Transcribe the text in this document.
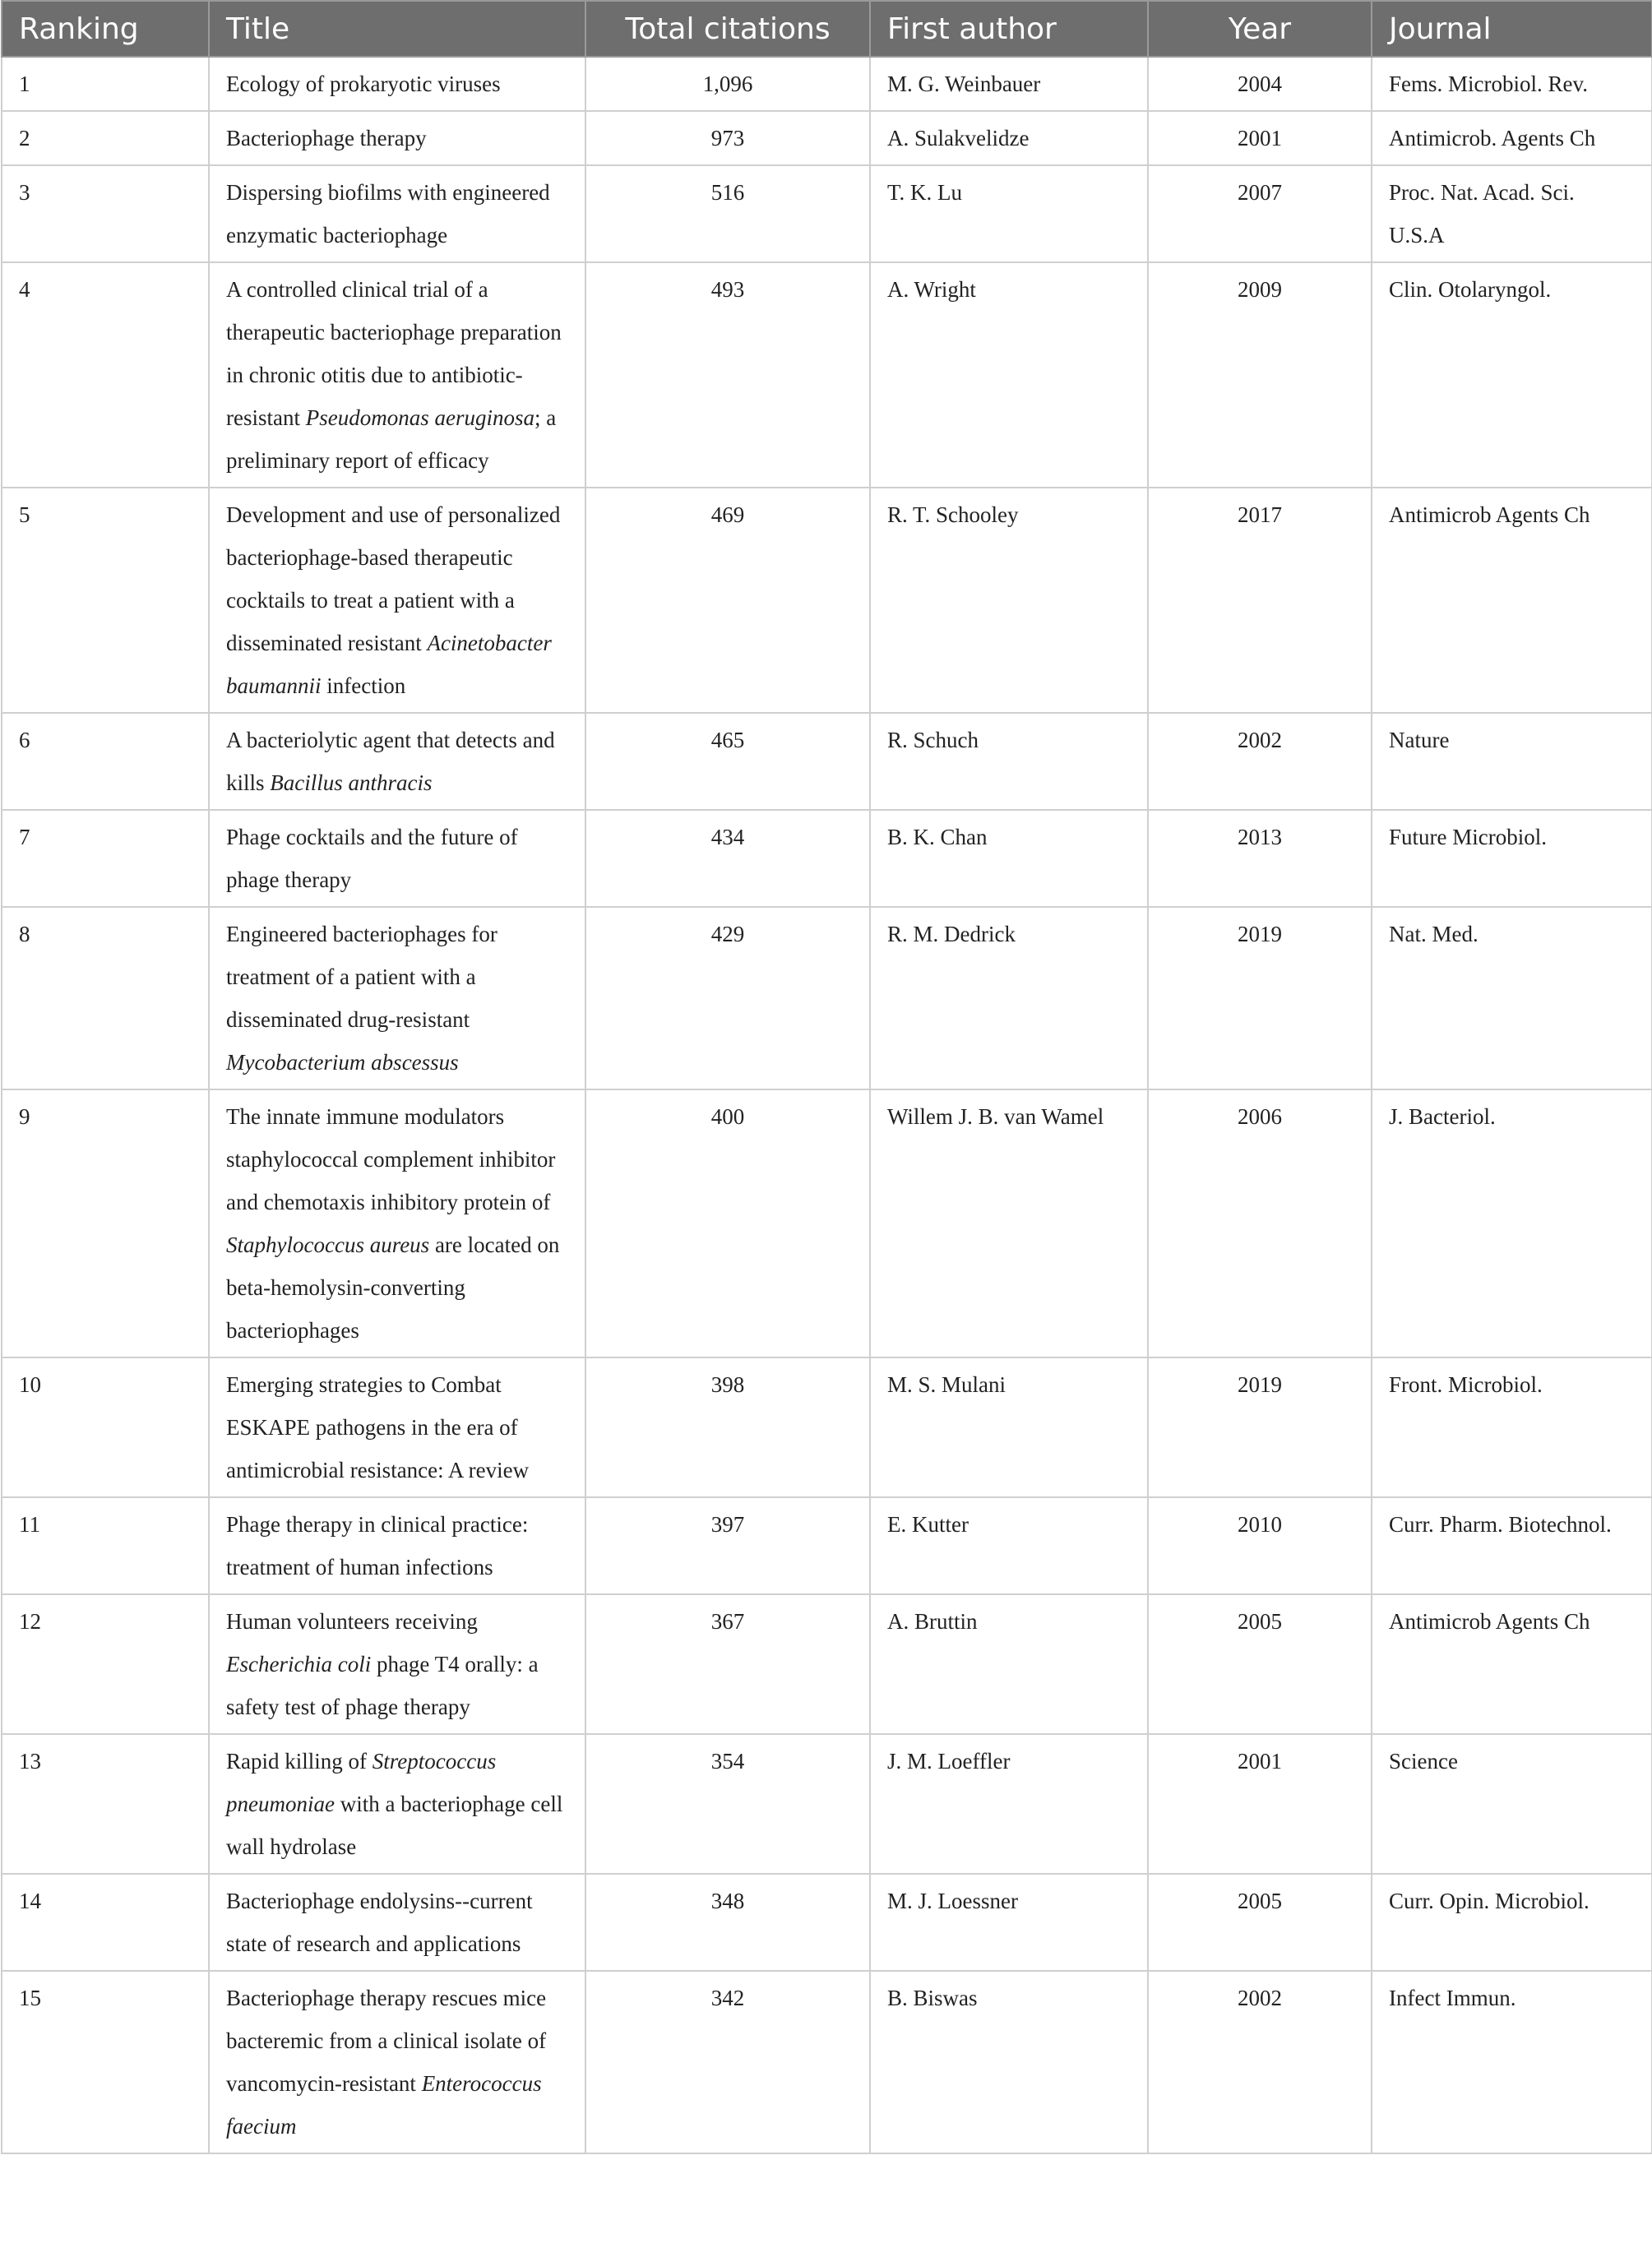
Ranking	Title	Total citations	First author	Year	Journal
1	Ecology of prokaryotic viruses	1,096	M. G. Weinbauer	2004	Fems. Microbiol. Rev.
2	Bacteriophage therapy	973	A. Sulakvelidze	2001	Antimicrob. Agents Ch
3	Dispersing biofilms with engineered enzymatic bacteriophage	516	T. K. Lu	2007	Proc. Nat. Acad. Sci. U.S.A
4	A controlled clinical trial of a therapeutic bacteriophage preparation in chronic otitis due to antibiotic-resistant Pseudomonas aeruginosa; a preliminary report of efficacy	493	A. Wright	2009	Clin. Otolaryngol.
5	Development and use of personalized bacteriophage-based therapeutic cocktails to treat a patient with a disseminated resistant Acinetobacter baumannii infection	469	R. T. Schooley	2017	Antimicrob Agents Ch
6	A bacteriolytic agent that detects and kills Bacillus anthracis	465	R. Schuch	2002	Nature
7	Phage cocktails and the future of phage therapy	434	B. K. Chan	2013	Future Microbiol.
8	Engineered bacteriophages for treatment of a patient with a disseminated drug-resistant Mycobacterium abscessus	429	R. M. Dedrick	2019	Nat. Med.
9	The innate immune modulators staphylococcal complement inhibitor and chemotaxis inhibitory protein of Staphylococcus aureus are located on beta-hemolysin-converting bacteriophages	400	Willem J. B. van Wamel	2006	J. Bacteriol.
10	Emerging strategies to Combat ESKAPE pathogens in the era of antimicrobial resistance: A review	398	M. S. Mulani	2019	Front. Microbiol.
11	Phage therapy in clinical practice: treatment of human infections	397	E. Kutter	2010	Curr. Pharm. Biotechnol.
12	Human volunteers receiving Escherichia coli phage T4 orally: a safety test of phage therapy	367	A. Bruttin	2005	Antimicrob Agents Ch
13	Rapid killing of Streptococcus pneumoniae with a bacteriophage cell wall hydrolase	354	J. M. Loeffler	2001	Science
14	Bacteriophage endolysins--current state of research and applications	348	M. J. Loessner	2005	Curr. Opin. Microbiol.
15	Bacteriophage therapy rescues mice bacteremic from a clinical isolate of vancomycin-resistant Enterococcus faecium	342	B. Biswas	2002	Infect Immun.
